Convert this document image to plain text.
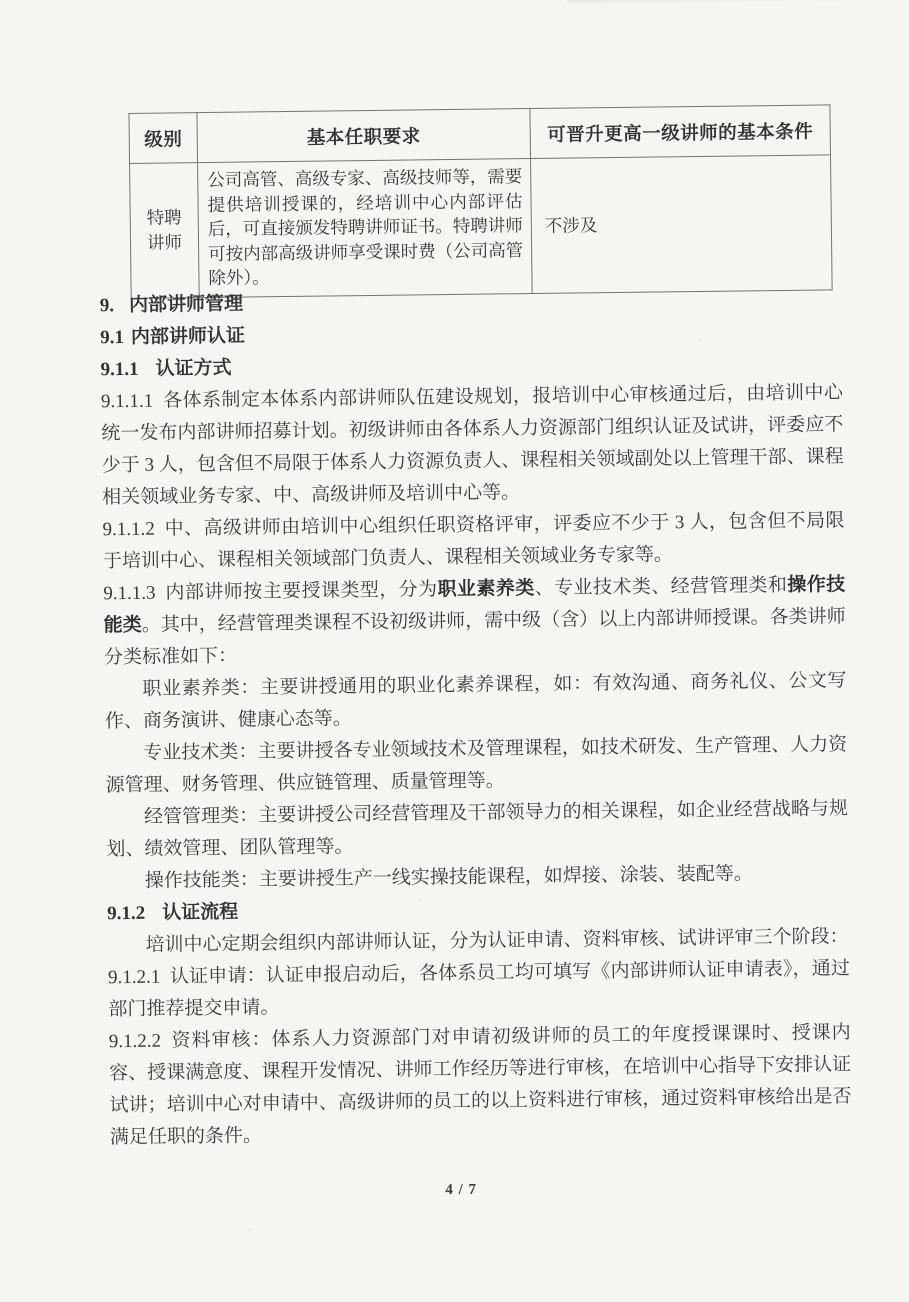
级别	基本任职要求	可晋升更高一级讲师的基本条件
特聘讲师	公司高管、高级专家、高级技师等，需要提供培训授课的，经培训中心内部评估后，可直接颁发特聘讲师证书。特聘讲师可按内部高级讲师享受课时费（公司高管除外）。	不涉及

9. 内部讲师管理

9.1 内部讲师认证

9.1.1 认证方式

9.1.1.1 各体系制定本体系内部讲师队伍建设规划，报培训中心审核通过后，由培训中心统一发布内部讲师招募计划。初级讲师由各体系人力资源部门组织认证及试讲，评委应不少于 3 人，包含但不局限于体系人力资源负责人、课程相关领域副处以上管理干部、课程相关领域业务专家、中、高级讲师及培训中心等。

9.1.1.2 中、高级讲师由培训中心组织任职资格评审，评委应不少于 3 人，包含但不局限于培训中心、课程相关领域部门负责人、课程相关领域业务专家等。

9.1.1.3 内部讲师按主要授课类型，分为职业素养类、专业技术类、经营管理类和操作技能类。其中，经营管理类课程不设初级讲师，需中级（含）以上内部讲师授课。各类讲师分类标准如下：

职业素养类：主要讲授通用的职业化素养课程，如：有效沟通、商务礼仪、公文写作、商务演讲、健康心态等。

专业技术类：主要讲授各专业领域技术及管理课程，如技术研发、生产管理、人力资源管理、财务管理、供应链管理、质量管理等。

经管管理类：主要讲授公司经营管理及干部领导力的相关课程，如企业经营战略与规划、绩效管理、团队管理等。

操作技能类：主要讲授生产一线实操技能课程，如焊接、涂装、装配等。

9.1.2 认证流程

培训中心定期会组织内部讲师认证，分为认证申请、资料审核、试讲评审三个阶段：

9.1.2.1 认证申请：认证申报启动后，各体系员工均可填写《内部讲师认证申请表》，通过部门推荐提交申请。

9.1.2.2 资料审核：体系人力资源部门对申请初级讲师的员工的年度授课课时、授课内容、授课满意度、课程开发情况、讲师工作经历等进行审核，在培训中心指导下安排认证试讲；培训中心对申请中、高级讲师的员工的以上资料进行审核，通过资料审核给出是否满足任职的条件。

4 / 7
